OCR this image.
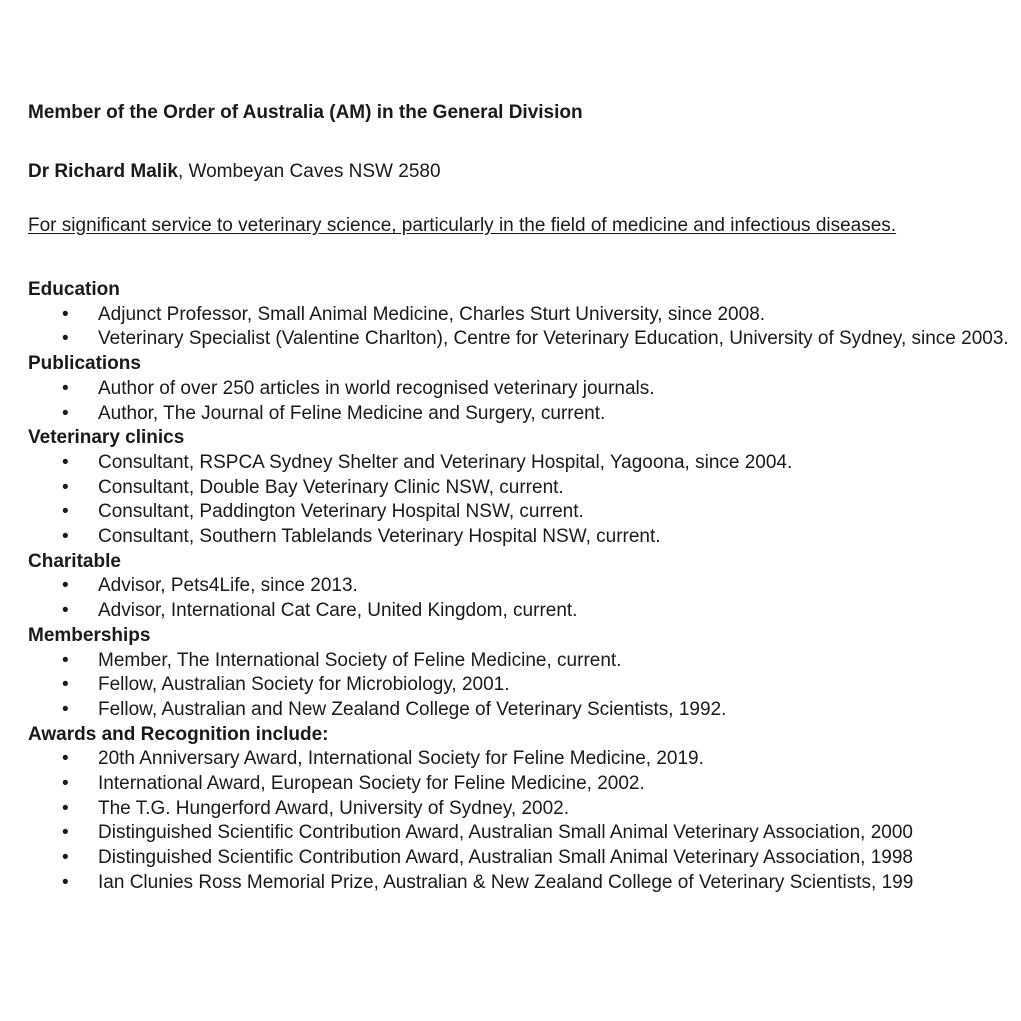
Member of the Order of Australia (AM) in the General Division
Dr Richard Malik, Wombeyan Caves NSW 2580
For significant service to veterinary science, particularly in the field of medicine and infectious diseases.
Education
• Adjunct Professor, Small Animal Medicine, Charles Sturt University, since 2008.
• Veterinary Specialist (Valentine Charlton), Centre for Veterinary Education, University of Sydney, since 2003.
Publications
• Author of over 250 articles in world recognised veterinary journals.
• Author, The Journal of Feline Medicine and Surgery, current.
Veterinary clinics
• Consultant, RSPCA Sydney Shelter and Veterinary Hospital, Yagoona, since 2004.
• Consultant, Double Bay Veterinary Clinic NSW, current.
• Consultant, Paddington Veterinary Hospital NSW, current.
• Consultant, Southern Tablelands Veterinary Hospital NSW, current.
Charitable
• Advisor, Pets4Life, since 2013.
• Advisor, International Cat Care, United Kingdom, current.
Memberships
• Member, The International Society of Feline Medicine, current.
• Fellow, Australian Society for Microbiology, 2001.
• Fellow, Australian and New Zealand College of Veterinary Scientists, 1992.
Awards and Recognition include:
• 20th Anniversary Award, International Society for Feline Medicine, 2019.
• International Award, European Society for Feline Medicine, 2002.
• The T.G. Hungerford Award, University of Sydney, 2002.
• Distinguished Scientific Contribution Award, Australian Small Animal Veterinary Association, 2000
• Distinguished Scientific Contribution Award, Australian Small Animal Veterinary Association, 1998
• Ian Clunies Ross Memorial Prize, Australian & New Zealand College of Veterinary Scientists, 199
